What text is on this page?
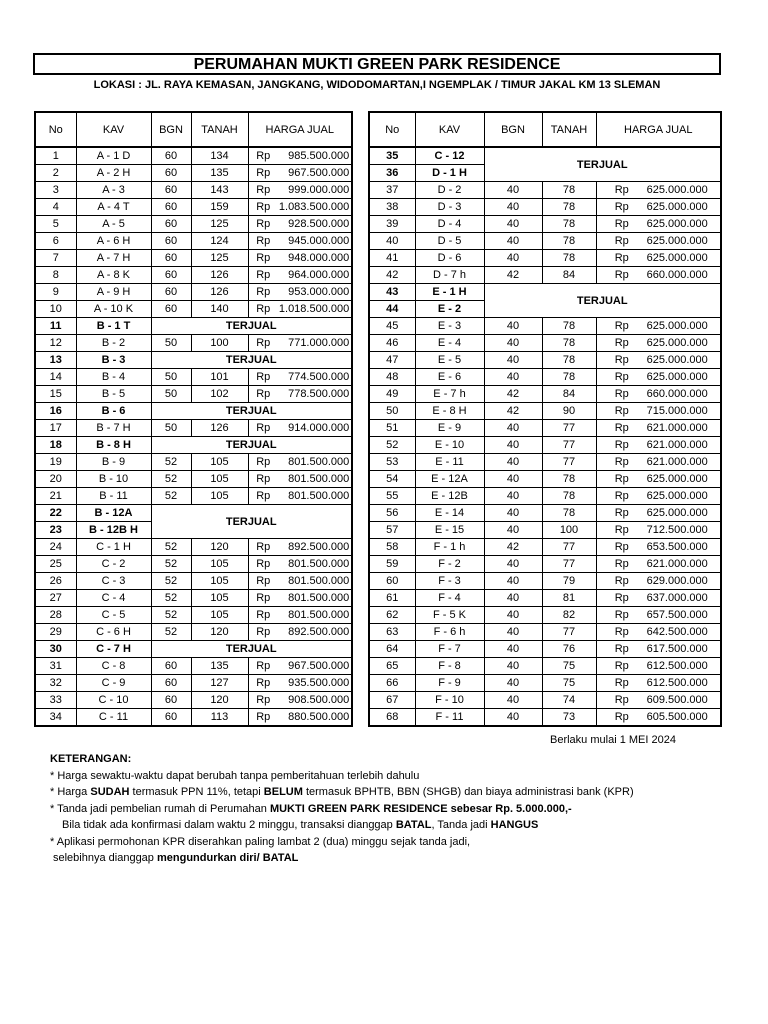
PERUMAHAN MUKTI GREEN PARK RESIDENCE
LOKASI : JL. RAYA KEMASAN, JANGKANG, WIDODOMARTAN,I NGEMPLAK / TIMUR JAKAL KM 13 SLEMAN
No	KAV	BGN	TANAH	HARGA JUAL
1	A - 1 D	60	134	Rp 985.500.000
2	A - 2 H	60	135	Rp 967.500.000
3	A - 3	60	143	Rp 999.000.000
4	A - 4 T	60	159	Rp 1.083.500.000
5	A - 5	60	125	Rp 928.500.000
6	A - 6 H	60	124	Rp 945.000.000
7	A - 7 H	60	125	Rp 948.000.000
8	A - 8 K	60	126	Rp 964.000.000
9	A - 9 H	60	126	Rp 953.000.000
10	A - 10 K	60	140	Rp 1.018.500.000
11	B - 1 T	TERJUAL		
12	B - 2	50	100	Rp 771.000.000
13	B - 3	TERJUAL		
14	B - 4	50	101	Rp 774.500.000
15	B - 5	50	102	Rp 778.500.000
16	B - 6	TERJUAL		
17	B - 7 H	50	126	Rp 914.000.000
18	B - 8 H	TERJUAL		
19	B - 9	52	105	Rp 801.500.000
20	B - 10	52	105	Rp 801.500.000
21	B - 11	52	105	Rp 801.500.000
22	B - 12A	TERJUAL		
23	B - 12B H			
24	C - 1 H	52	120	Rp 892.500.000
25	C - 2	52	105	Rp 801.500.000
26	C - 3	52	105	Rp 801.500.000
27	C - 4	52	105	Rp 801.500.000
28	C - 5	52	105	Rp 801.500.000
29	C - 6 H	52	120	Rp 892.500.000
30	C - 7 H	TERJUAL		
31	C - 8	60	135	Rp 967.500.000
32	C - 9	60	127	Rp 935.500.000
33	C - 10	60	120	Rp 908.500.000
34	C - 11	60	113	Rp 880.500.000
No	KAV	BGN	TANAH	HARGA JUAL
35	C - 12	TERJUAL		
36	D - 1 H			
37	D - 2	40	78	Rp 625.000.000
38	D - 3	40	78	Rp 625.000.000
39	D - 4	40	78	Rp 625.000.000
40	D - 5	40	78	Rp 625.000.000
41	D - 6	40	78	Rp 625.000.000
42	D - 7 h	42	84	Rp 660.000.000
43	E - 1 H	TERJUAL		
44	E - 2			
45	E - 3	40	78	Rp 625.000.000
46	E - 4	40	78	Rp 625.000.000
47	E - 5	40	78	Rp 625.000.000
48	E - 6	40	78	Rp 625.000.000
49	E - 7 h	42	84	Rp 660.000.000
50	E - 8 H	42	90	Rp 715.000.000
51	E - 9	40	77	Rp 621.000.000
52	E - 10	40	77	Rp 621.000.000
53	E - 11	40	77	Rp 621.000.000
54	E - 12A	40	78	Rp 625.000.000
55	E - 12B	40	78	Rp 625.000.000
56	E - 14	40	78	Rp 625.000.000
57	E - 15	40	100	Rp 712.500.000
58	F - 1 h	42	77	Rp 653.500.000
59	F - 2	40	77	Rp 621.000.000
60	F - 3	40	79	Rp 629.000.000
61	F - 4	40	81	Rp 637.000.000
62	F - 5 K	40	82	Rp 657.500.000
63	F - 6 h	40	77	Rp 642.500.000
64	F - 7	40	76	Rp 617.500.000
65	F - 8	40	75	Rp 612.500.000
66	F - 9	40	75	Rp 612.500.000
67	F - 10	40	74	Rp 609.500.000
68	F - 11	40	73	Rp 605.500.000
Berlaku mulai 1 MEI 2024
KETERANGAN:
* Harga sewaktu-waktu dapat berubah tanpa pemberitahuan terlebih dahulu
* Harga SUDAH termasuk PPN 11%, tetapi BELUM termasuk BPHTB, BBN (SHGB) dan biaya administrasi bank (KPR)
* Tanda jadi pembelian rumah di Perumahan MUKTI GREEN PARK RESIDENCE sebesar Rp. 5.000.000,-
Bila tidak ada konfirmasi dalam waktu 2 minggu, transaksi dianggap BATAL, Tanda jadi HANGUS
* Aplikasi permohonan KPR diserahkan paling lambat 2 (dua) minggu sejak tanda jadi,
selebihnya dianggap mengundurkan diri/ BATAL
